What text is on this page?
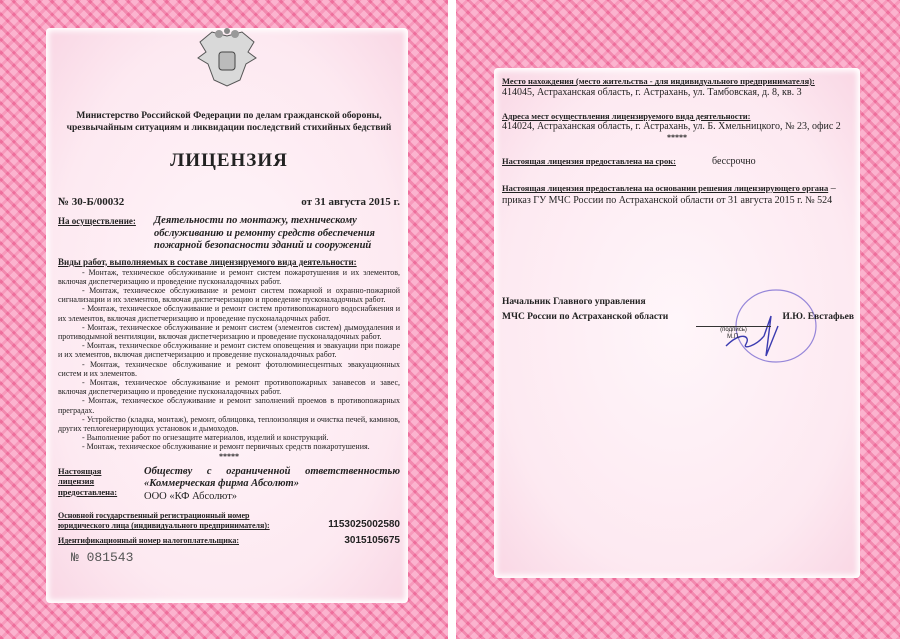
Министерство Российской Федерации по делам гражданской обороны, чрезвычайным ситуациям и ликвидации последствий стихийных бедствий
ЛИЦЕНЗИЯ
№ 30-Б/00032	от 31 августа 2015 г.
На осуществление:	Деятельности по монтажу, техническому обслуживанию и ремонту средств обеспечения пожарной безопасности зданий и сооружений
Виды работ, выполняемых в составе лицензируемого вида деятельности:

- Монтаж, техническое обслуживание и ремонт систем пожаротушения и их элементов, включая диспетчеризацию и проведение пусконаладочных работ.

- Монтаж, техническое обслуживание и ремонт систем пожарной и охранно-пожарной сигнализации и их элементов, включая диспетчеризацию и проведение пусконаладочных работ.

- Монтаж, техническое обслуживание и ремонт систем противопожарного водоснабжения и их элементов, включая диспетчеризацию и проведение пусконаладочных работ.

- Монтаж, техническое обслуживание и ремонт систем (элементов систем) дымоудаления и противодымной вентиляции, включая диспетчеризацию и проведение пусконаладочных работ.

- Монтаж, техническое обслуживание и ремонт систем оповещения и эвакуации при пожаре и их элементов, включая диспетчеризацию и проведение пусконаладочных работ.

- Монтаж, техническое обслуживание и ремонт фотолюминесцентных эвакуационных систем и их элементов.

- Монтаж, техническое обслуживание и ремонт противопожарных занавесов и завес, включая диспетчеризацию и проведение пусконаладочных работ.

- Монтаж, техническое обслуживание и ремонт заполнений проемов в противопожарных преградах.

- Устройство (кладка, монтаж), ремонт, облицовка, теплоизоляция и очистка печей, каминов, других теплогенерирующих установок и дымоходов.

- Выполнение работ по огнезащите материалов, изделий и конструкций.

- Монтаж, техническое обслуживание и ремонт первичных средств пожаротушения.

*****
Настоящая лицензия предоставлена:
Обществу с ограниченной ответственностью «Коммерческая фирма Абсолют»
ООО «КФ Абсолют»
Основной государственный регистрационный номер юридического лица (индивидуального предпринимателя):	1153025002580
Идентификационный номер налогоплательщика:	3015105675
№ 081543
Место нахождения (место жительства - для индивидуального предпринимателя):
414045, Астраханская область, г. Астрахань, ул. Тамбовская, д. 8, кв. 3
Адреса мест осуществления лицензируемого вида деятельности:
414024, Астраханская область, г. Астрахань, ул. Б. Хмельницкого, № 23, офис 2
*****
Настоящая лицензия предоставлена на срок:	бессрочно
Настоящая лицензия предоставлена на основании решения лицензирующего органа – приказ ГУ МЧС России по Астраханской области от 31 августа 2015 г. № 524
Начальник Главного управления
МЧС России по Астраханской области	И.Ю. Евстафьев
(подпись)
М.П.
